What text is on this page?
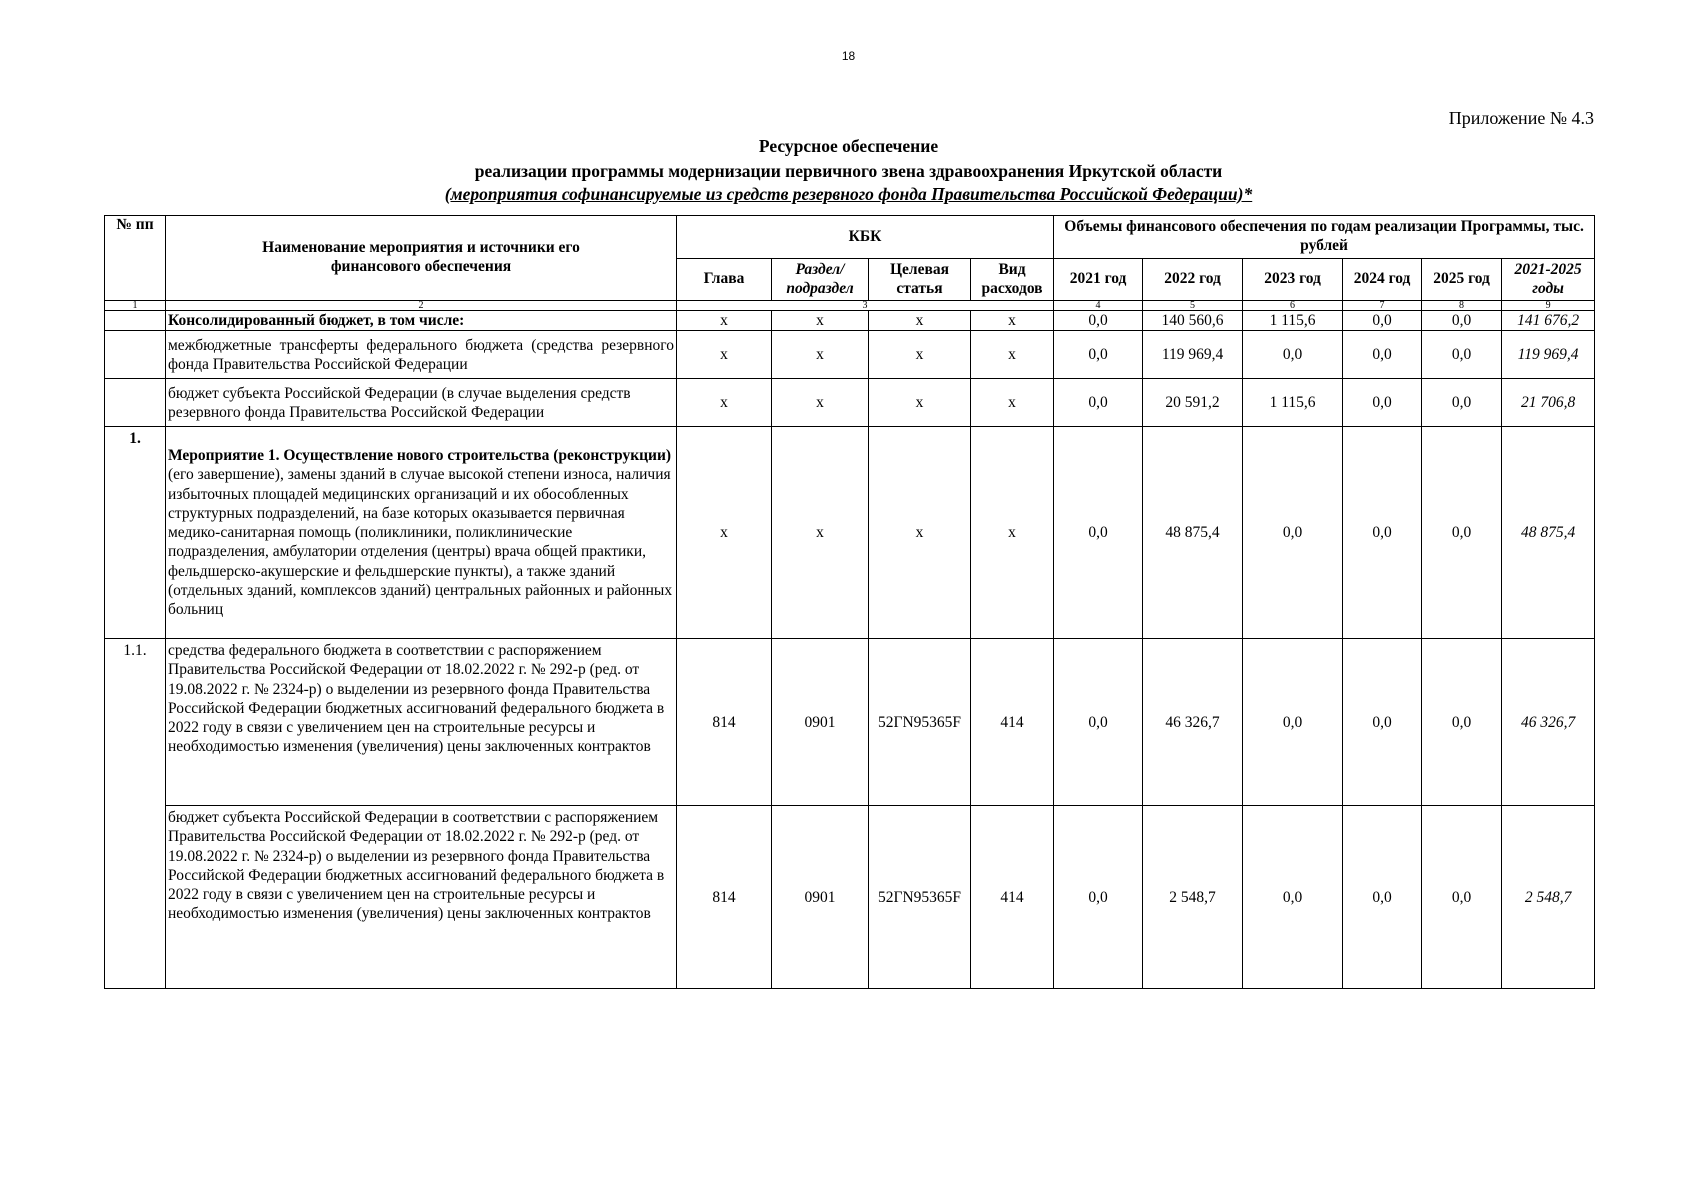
18
Приложение № 4.3
Ресурсное обеспечение
реализации программы модернизации первичного звена здравоохранения Иркутской области
(мероприятия софинансируемые из средств резервного фонда Правительства Российской Федерации)*
№ пп	Наименование мероприятия и источники его финансового обеспечения	КБК				Объемы финансового обеспечения по годам реализации Программы, тыс. рублей					
		Глава	Раздел/ подраздел	Целевая статья	Вид расходов	2021 год	2022 год	2023 год	2024 год	2025 год	2021-2025 годы
1	2	3				4	5	6	7	8	9
	Консолидированный бюджет, в том числе:	х	х	х	х	0,0	140 560,6	1 115,6	0,0	0,0	141 676,2
	межбюджетные трансферты федерального бюджета (средства резервного фонда Правительства Российской Федерации	х	х	х	х	0,0	119 969,4	0,0	0,0	0,0	119 969,4
	бюджет субъекта Российской Федерации (в случае выделения средств резервного фонда Правительства Российской Федерации	х	х	х	х	0,0	20 591,2	1 115,6	0,0	0,0	21 706,8
1.	Мероприятие 1. Осуществление нового строительства (реконструкции) (его завершение), замены зданий в случае высокой степени износа, наличия избыточных площадей медицинских организаций и их обособленных структурных подразделений, на базе которых оказывается первичная медико-санитарная помощь (поликлиники, поликлинические подразделения, амбулатории отделения (центры) врача общей практики, фельдшерско-акушерские и фельдшерские пункты), а также зданий (отдельных зданий, комплексов зданий) центральных районных и районных больниц	х	х	х	х	0,0	48 875,4	0,0	0,0	0,0	48 875,4
1.1.	средства федерального бюджета в соответствии с распоряжением Правительства Российской Федерации от 18.02.2022 г. № 292-р (ред. от 19.08.2022 г. № 2324-р) о выделении из резервного фонда Правительства Российской Федерации бюджетных ассигнований федерального бюджета в 2022 году в связи с увеличением цен на строительные ресурсы и необходимостью изменения (увеличения) цены заключенных контрактов	814	0901	52ГN95365F	414	0,0	46 326,7	0,0	0,0	0,0	46 326,7
	бюджет субъекта Российской Федерации в соответствии с распоряжением Правительства Российской Федерации от 18.02.2022 г. № 292-р (ред. от 19.08.2022 г. № 2324-р) о выделении из резервного фонда Правительства Российской Федерации бюджетных ассигнований федерального бюджета в 2022 году в связи с увеличением цен на строительные ресурсы и необходимостью изменения (увеличения) цены заключенных контрактов	814	0901	52ГN95365F	414	0,0	2 548,7	0,0	0,0	0,0	2 548,7
